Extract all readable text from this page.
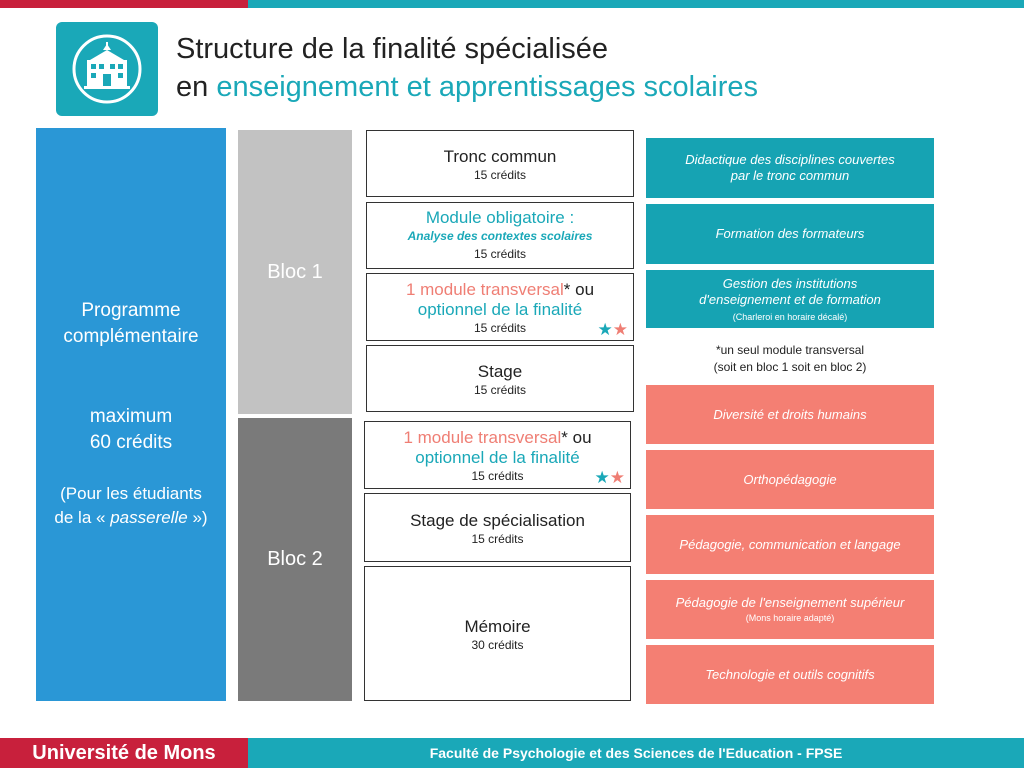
Structure de la finalité spécialisée
en enseignement et apprentissages scolaires
Programme
complémentaire
maximum
60 crédits
(Pour les étudiants
de la « passerelle »)
Bloc 1
Bloc 2
Tronc commun
15 crédits
Module obligatoire :
Analyse des contextes scolaires
15 crédits
1 module transversal* ou
optionnel de la finalité
15 crédits	★★
Stage
15 crédits
1 module transversal* ou
optionnel de la finalité
15 crédits	★★
Stage de spécialisation
15 crédits
Mémoire
30 crédits
Didactique des disciplines couvertes
par le tronc commun
Formation des formateurs
Gestion des institutions
d'enseignement et de formation
(Charleroi en horaire décalé)
*un seul module transversal
(soit en bloc 1 soit en bloc 2)
Diversité et droits humains
Orthopédagogie
Pédagogie, communication et langage
Pédagogie de l'enseignement supérieur
(Mons horaire adapté)
Technologie et outils cognitifs
Université de Mons	Faculté de Psychologie et des Sciences de l'Education - FPSE
